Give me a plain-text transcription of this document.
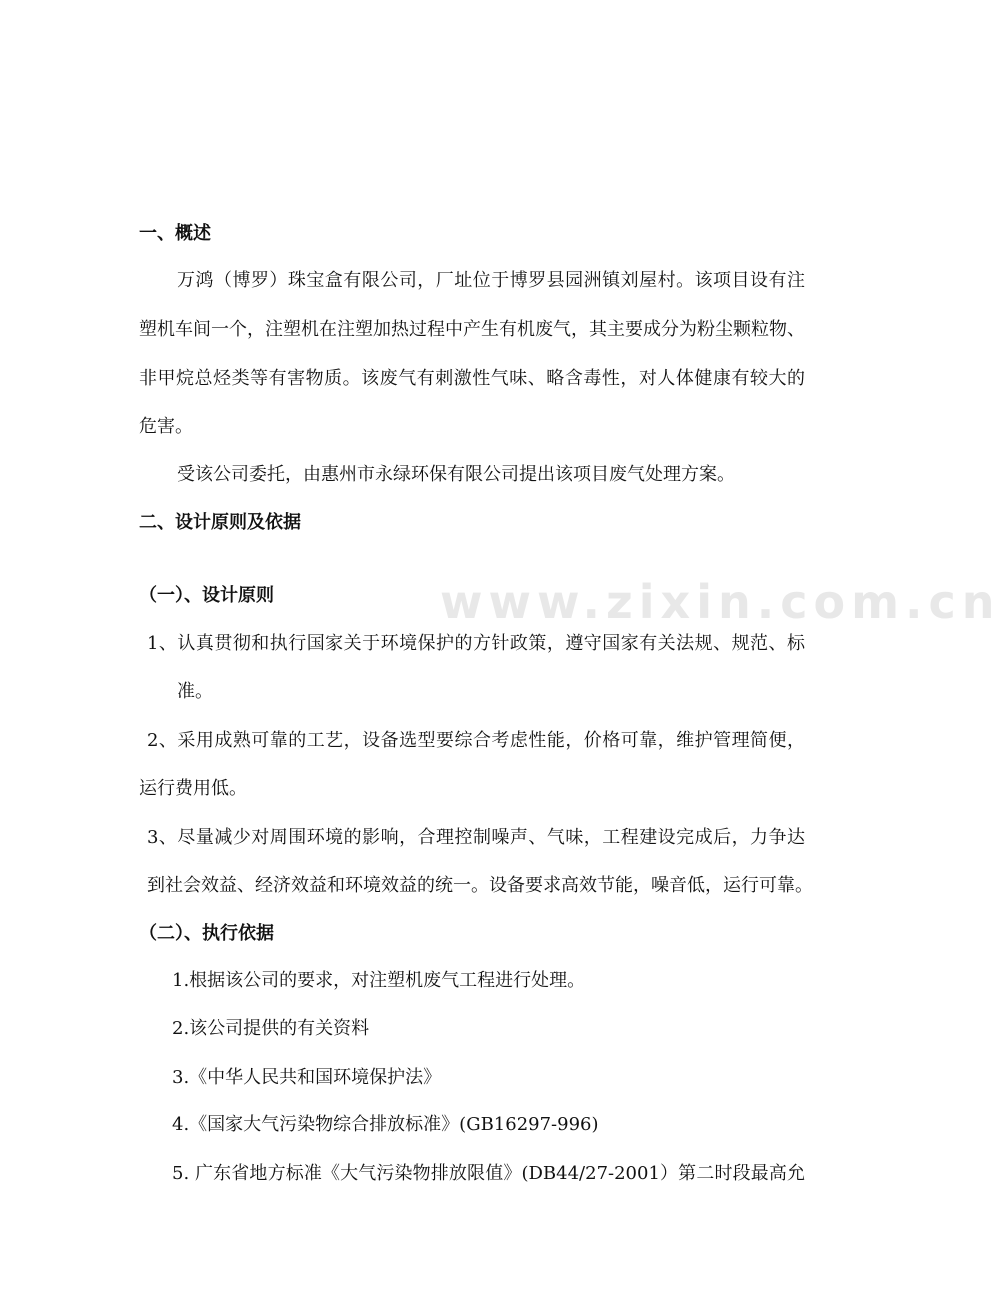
www.zixin.com.cn
一、概述
万鸿（博罗）珠宝盒有限公司，厂址位于博罗县园洲镇刘屋村。该项目设有注
塑机车间一个，注塑机在注塑加热过程中产生有机废气，其主要成分为粉尘颗粒物、
非甲烷总烃类等有害物质。该废气有刺激性气味、略含毒性，对人体健康有较大的
危害。
受该公司委托，由惠州市永绿环保有限公司提出该项目废气处理方案。
二、设计原则及依据
（一）、设计原则
1、认真贯彻和执行国家关于环境保护的方针政策，遵守国家有关法规、规范、标
准。
2、采用成熟可靠的工艺，设备选型要综合考虑性能，价格可靠，维护管理简便，
运行费用低。
3、尽量减少对周围环境的影响，合理控制噪声、气味，工程建设完成后，力争达
到社会效益、经济效益和环境效益的统一。设备要求高效节能，噪音低，运行可靠。
（二）、执行依据
1.根据该公司的要求，对注塑机废气工程进行处理。
2.该公司提供的有关资料
3.《中华人民共和国环境保护法》
4.《国家大气污染物综合排放标准》(GB16297-996)
5. 广东省地方标准《大气污染物排放限值》(DB44/27-2001）第二时段最高允
